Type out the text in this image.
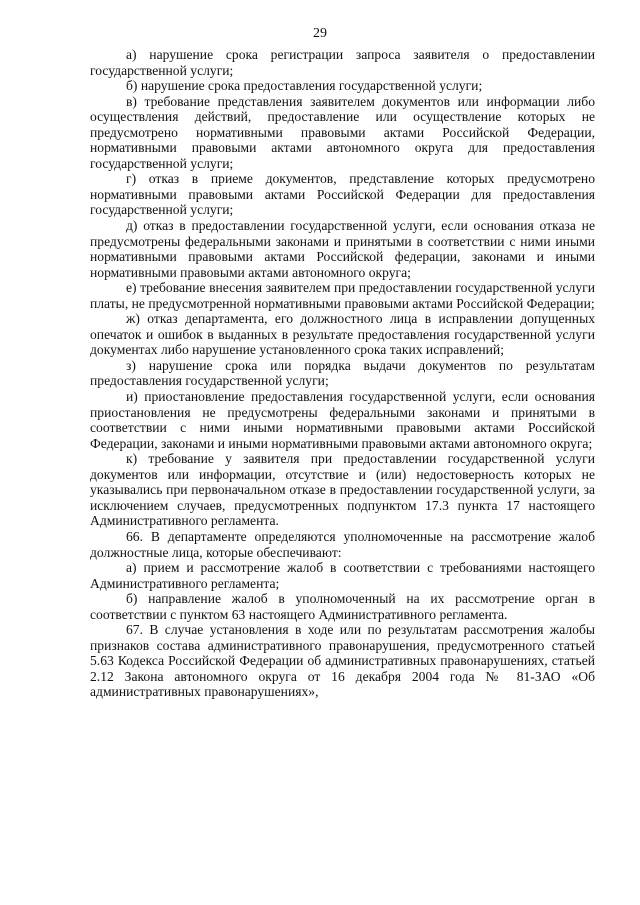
29

а) нарушение срока регистрации запроса заявителя о предоставлении государственной услуги;

б) нарушение срока предоставления государственной услуги;

в) требование представления заявителем документов или информации либо осуществления действий, предоставление или осуществление которых не предусмотрено нормативными правовыми актами Российской Федерации, нормативными правовыми актами автономного округа для предоставления государственной услуги;

г) отказ в приеме документов, представление которых предусмотрено нормативными правовыми актами Российской Федерации для предоставления государственной услуги;

д) отказ в предоставлении государственной услуги, если основания отказа не предусмотрены федеральными законами и принятыми в соответствии с ними иными нормативными правовыми актами Российской федерации, законами и иными нормативными правовыми актами автономного округа;

е) требование внесения заявителем при предоставлении государственной услуги платы, не предусмотренной нормативными правовыми актами Российской Федерации;

ж) отказ департамента, его должностного лица в исправлении допущенных опечаток и ошибок в выданных в результате предоставления государственной услуги документах либо нарушение установленного срока таких исправлений;

з) нарушение срока или порядка выдачи документов по результатам предоставления государственной услуги;

и) приостановление предоставления государственной услуги, если основания приостановления не предусмотрены федеральными законами и принятыми в соответствии с ними иными нормативными правовыми актами Российской Федерации, законами и иными нормативными правовыми актами автономного округа;

к) требование у заявителя при предоставлении государственной услуги документов или информации, отсутствие и (или) недостоверность которых не указывались при первоначальном отказе в предоставлении государственной услуги, за исключением случаев, предусмотренных подпунктом 17.3 пункта 17 настоящего Административного регламента.

66. В департаменте определяются уполномоченные на рассмотрение жалоб должностные лица, которые обеспечивают:

а) прием и рассмотрение жалоб в соответствии с требованиями настоящего Административного регламента;

б) направление жалоб в уполномоченный на их рассмотрение орган в соответствии с пунктом 63 настоящего Административного регламента.

67. В случае установления в ходе или по результатам рассмотрения жалобы признаков состава административного правонарушения, предусмотренного статьей 5.63 Кодекса Российской Федерации об административных правонарушениях, статьей 2.12 Закона автономного округа от 16 декабря 2004 года № 81-ЗАО «Об административных правонарушениях»,
